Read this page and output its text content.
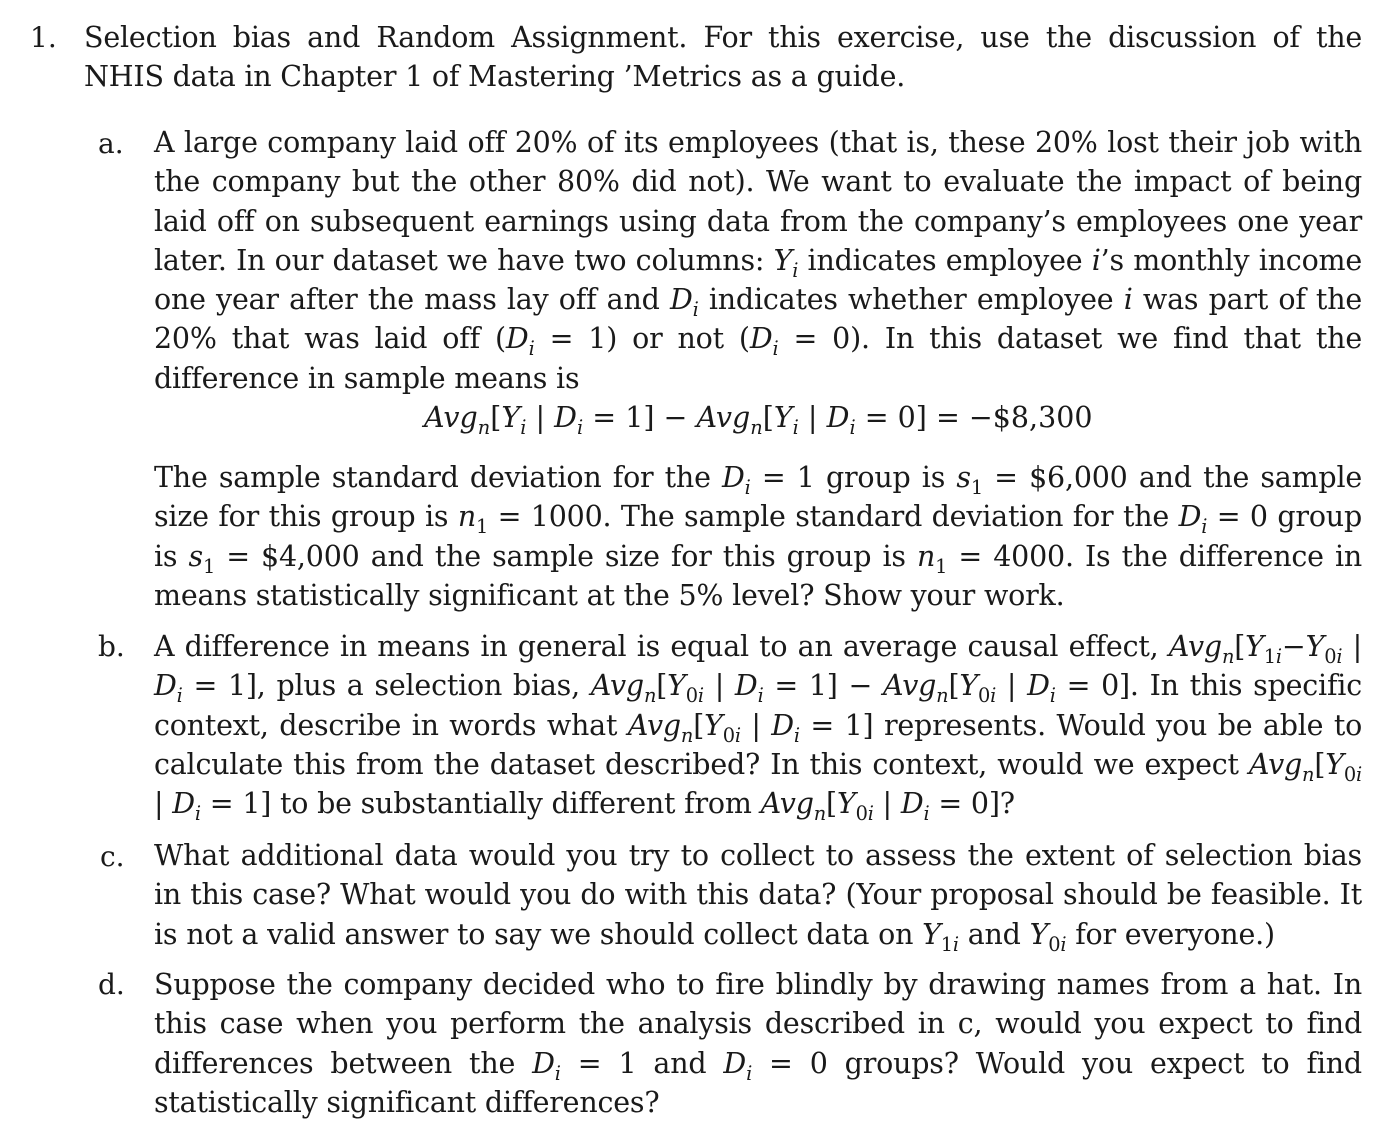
1. Selection bias and Random Assignment. For this exercise, use the discussion of the NHIS data in Chapter 1 of Mastering ’Metrics as a guide.
a. A large company laid off 20% of its employees (that is, these 20% lost their job with the company but the other 80% did not). We want to evaluate the impact of being laid off on subsequent earnings using data from the company’s employees one year later. In our dataset we have two columns: $Y_i$ indicates employee i’s monthly income one year after the mass lay off and $D_i$ indicates whether employee i was part of the 20% that was laid off $(D_i = 1)$ or not $(D_i = 0)$. In this dataset we find that the difference in sample means is
$Avg_n[Y_i$ | $D_i = 1] - Avg_n[Y_i$ | $D_i = 0$] = −$8,300
The sample standard deviation for the $D_i = 1$ group is $s_1$ = $6,000 and the sample size for this group is $n_1 = 1000$. The sample standard deviation for the $D_i = 0$ group is $s_1$ = $4,000 and the sample size for this group is $n_1 = 4000$. Is the difference in means statistically significant at the 5% level? Show your work.
b. A difference in means in general is equal to an average causal effect, $Avg_n[Y_{1i}-Y_{0i}$ | $D_i = 1$], plus a selection bias, $Avg_n[Y_{0i}$ | $D_i = 1] - Avg_n[Y_{0i}$ | $D_i = 0$]. In this specific context, describe in words what $Avg_n[Y_{0i}$ | $D_i = 1$] represents. Would you be able to calculate this from the dataset described? In this context, would we expect $Avg_n[Y_{0i}$ | $D_i = 1$] to be substantially different from $Avg_n[Y_{0i}$ | $D_i = 0$]?
c. What additional data would you try to collect to assess the extent of selection bias in this case? What would you do with this data? (Your proposal should be feasible. It is not a valid answer to say we should collect data on $Y_{1i}$ and $Y_{0i}$ for everyone.)
d. Suppose the company decided who to fire blindly by drawing names from a hat. In this case when you perform the analysis described in c, would you expect to find differences between the $D_i = 1$ and $D_i = 0$ groups? Would you expect to find statistically significant differences?
